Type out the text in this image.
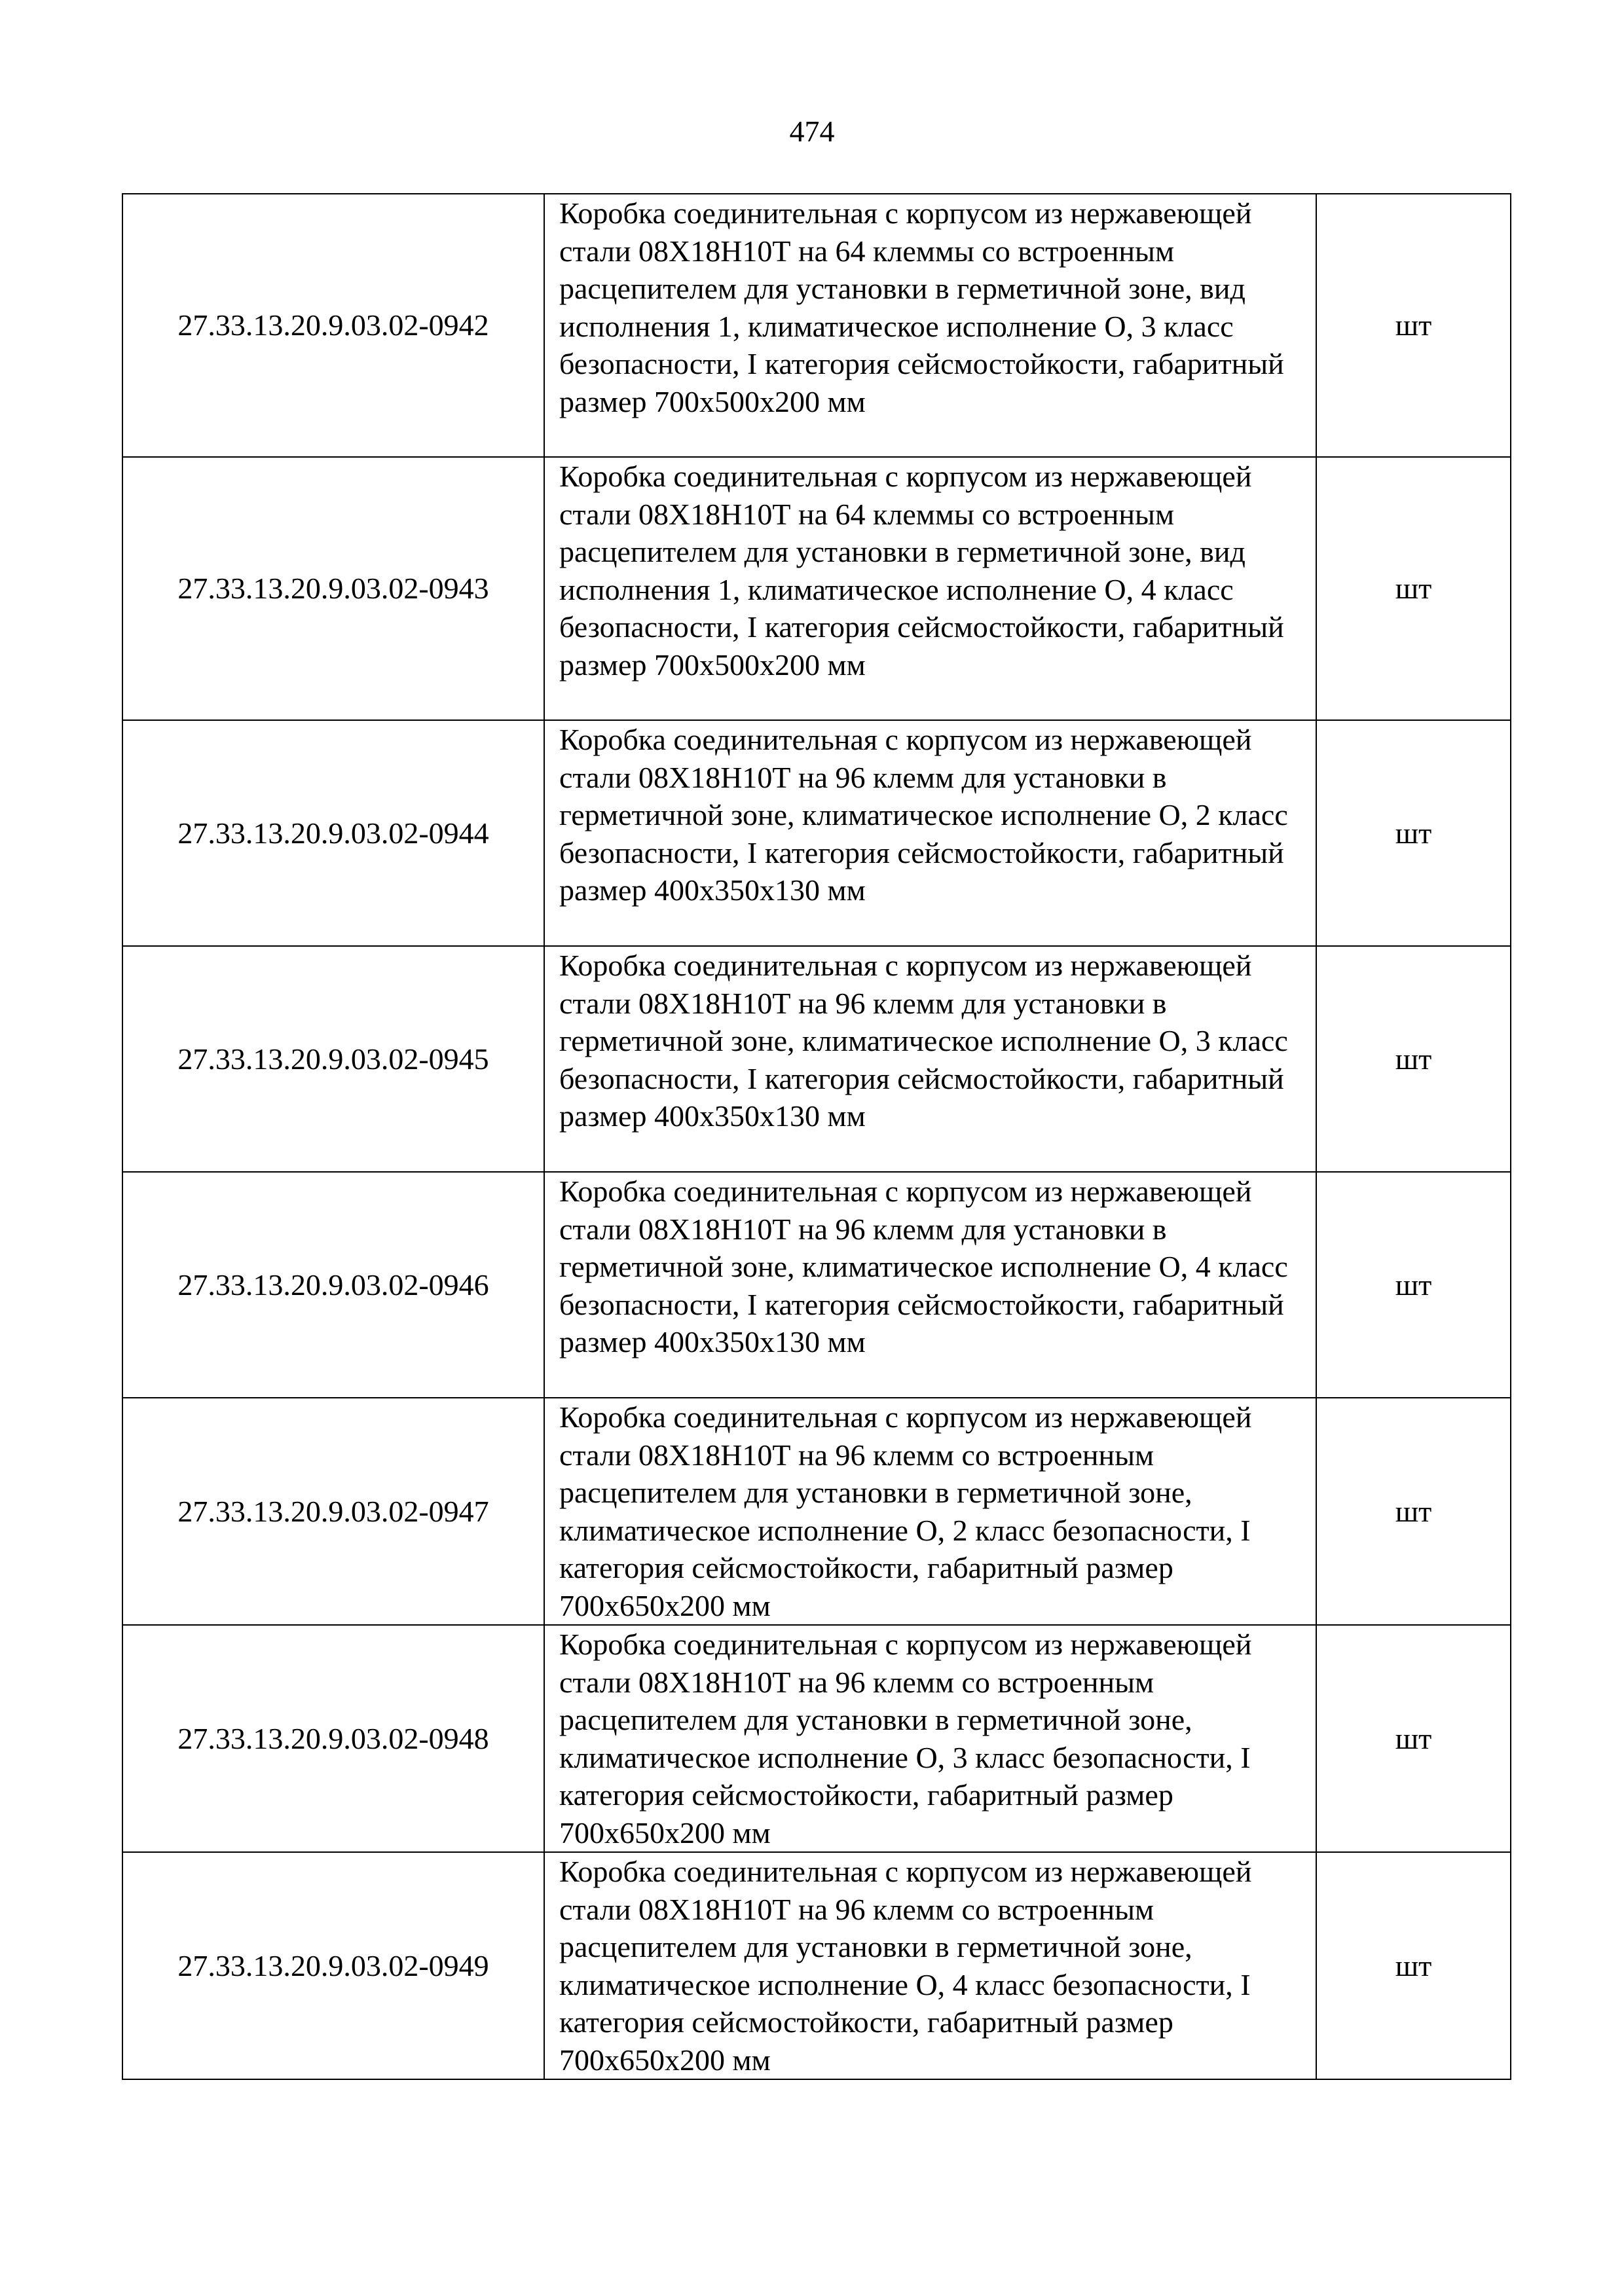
474
27.33.13.20.9.03.02-0942	Коробка соединительная с корпусом из нержавеющей стали 08Х18Н10Т на 64 клеммы со встроенным расцепителем для установки в герметичной зоне, вид исполнения 1, климатическое исполнение О, 3 класс безопасности, I категория сейсмостойкости, габаритный размер 700х500х200 мм	шт
27.33.13.20.9.03.02-0943	Коробка соединительная с корпусом из нержавеющей стали 08Х18Н10Т на 64 клеммы со встроенным расцепителем для установки в герметичной зоне, вид исполнения 1, климатическое исполнение О, 4 класс безопасности, I категория сейсмостойкости, габаритный размер 700х500х200 мм	шт
27.33.13.20.9.03.02-0944	Коробка соединительная с корпусом из нержавеющей стали 08Х18Н10Т на 96 клемм для установки в герметичной зоне, климатическое исполнение О, 2 класс безопасности, I категория сейсмостойкости, габаритный размер 400х350х130 мм	шт
27.33.13.20.9.03.02-0945	Коробка соединительная с корпусом из нержавеющей стали 08Х18Н10Т на 96 клемм для установки в герметичной зоне, климатическое исполнение О, 3 класс безопасности, I категория сейсмостойкости, габаритный размер 400х350х130 мм	шт
27.33.13.20.9.03.02-0946	Коробка соединительная с корпусом из нержавеющей стали 08Х18Н10Т на 96 клемм для установки в герметичной зоне, климатическое исполнение О, 4 класс безопасности, I категория сейсмостойкости, габаритный размер 400х350х130 мм	шт
27.33.13.20.9.03.02-0947	Коробка соединительная с корпусом из нержавеющей стали 08Х18Н10Т на 96 клемм со встроенным расцепителем для установки в герметичной зоне, климатическое исполнение О, 2 класс безопасности, I категория сейсмостойкости, габаритный размер 700х650х200 мм	шт
27.33.13.20.9.03.02-0948	Коробка соединительная с корпусом из нержавеющей стали 08Х18Н10Т на 96 клемм со встроенным расцепителем для установки в герметичной зоне, климатическое исполнение О, 3 класс безопасности, I категория сейсмостойкости, габаритный размер 700х650х200 мм	шт
27.33.13.20.9.03.02-0949	Коробка соединительная с корпусом из нержавеющей стали 08Х18Н10Т на 96 клемм со встроенным расцепителем для установки в герметичной зоне, климатическое исполнение О, 4 класс безопасности, I категория сейсмостойкости, габаритный размер 700х650х200 мм	шт
